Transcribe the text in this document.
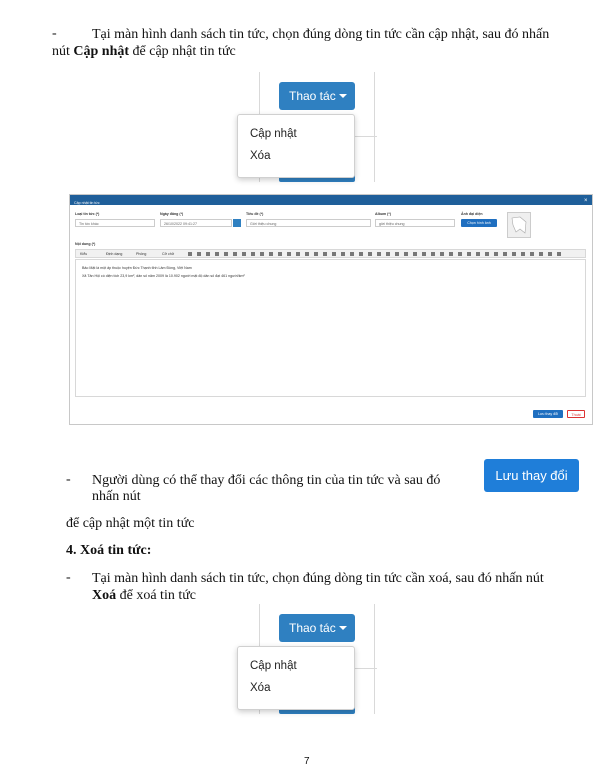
-	Tại màn hình danh sách tin tức, chọn đúng dòng tin tức cần cập nhật, sau đó nhấn
nút Cập nhật để cập nhật tin tức
Thao tác
Cập nhật
Xóa
Cập nhật tin tức	×
Loại tin tức (*)
Tin tức khác
Ngày đăng (*)
26/10/2022 09:41:27
Tiêu đề (*)
Giới thiệu chung
Album (*)
giới thiệu chung
Ảnh đại diện
Chọn hình ảnh
Nội dung (*)
Kiểu	Định dạng	Phông	Cỡ chữ
Bảo Mật là một ấp thuộc huyện Đức Thạnh tỉnh Lâm Đồng, Việt Nam
Xã Tân Hội có diện tích 23,9 km², dân số năm 2009 là 10.902 người mật độ dân số đạt 461 người/km²
Lưu thay đổi	Thoát
- Người dùng có thể thay đổi các thông tin của tin tức và sau đó
nhấn nút
Lưu thay đổi
để cập nhật một tin tức
4. Xoá tin tức:
- Tại màn hình danh sách tin tức, chọn đúng dòng tin tức cần xoá, sau đó nhấn nút
Xoá để xoá tin tức
Thao tác
Cập nhật
Xóa
7
